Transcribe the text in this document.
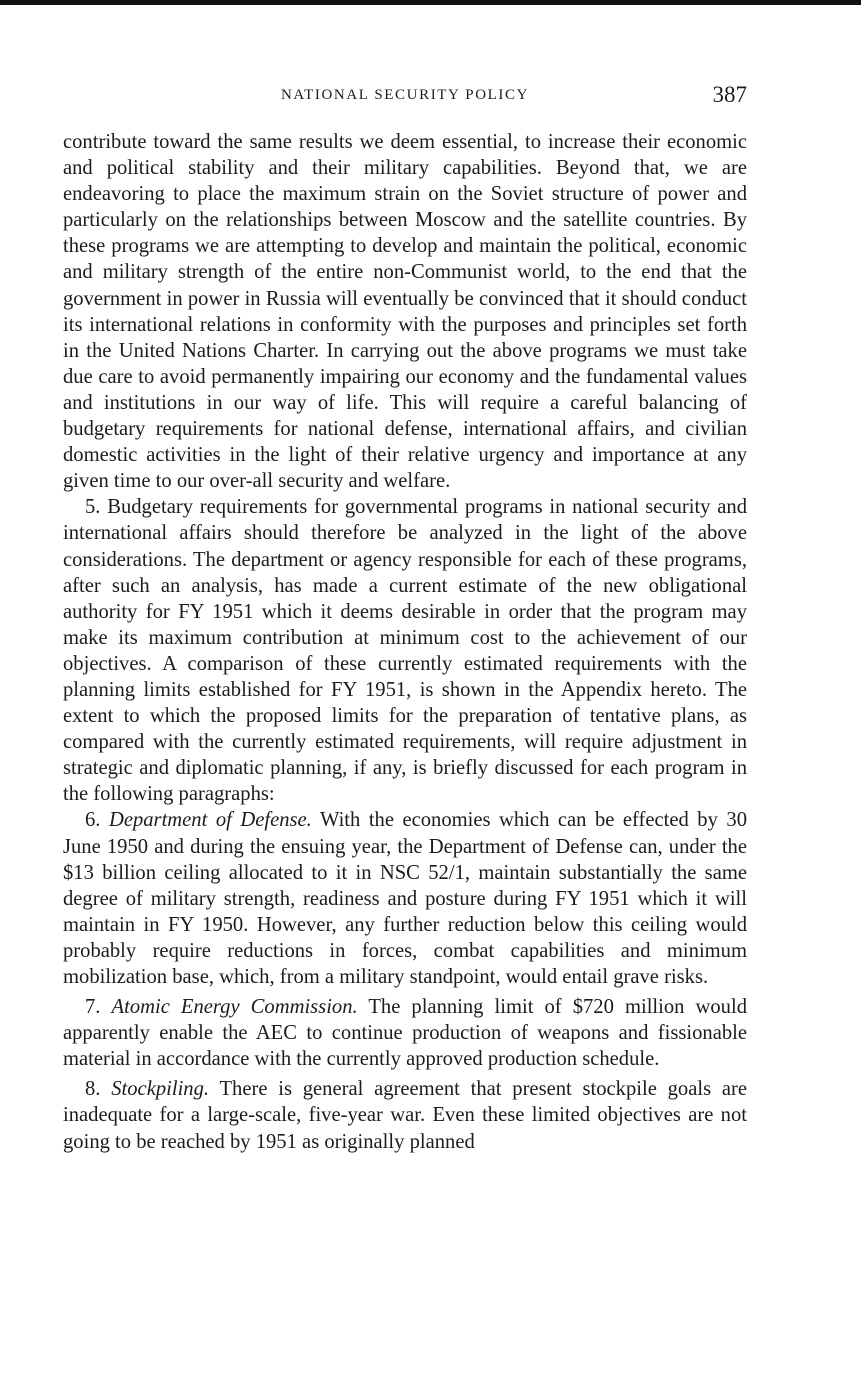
NATIONAL SECURITY POLICY	387

contribute toward the same results we deem essential, to increase their economic and political stability and their military capabilities. Beyond that, we are endeavoring to place the maximum strain on the Soviet structure of power and particularly on the relationships between Moscow and the satellite countries. By these programs we are attempting to develop and maintain the political, economic and military strength of the entire non-Communist world, to the end that the government in power in Russia will eventually be convinced that it should conduct its international relations in conformity with the purposes and principles set forth in the United Nations Charter. In carrying out the above programs we must take due care to avoid permanently impairing our economy and the fundamental values and institutions in our way of life. This will require a careful balancing of budgetary requirements for national defense, international affairs, and civilian domestic activities in the light of their relative urgency and importance at any given time to our over-all security and welfare.

5. Budgetary requirements for governmental programs in national security and international affairs should therefore be analyzed in the light of the above considerations. The department or agency responsible for each of these programs, after such an analysis, has made a current estimate of the new obligational authority for FY 1951 which it deems desirable in order that the program may make its maximum contribution at minimum cost to the achievement of our objectives. A comparison of these currently estimated requirements with the planning limits established for FY 1951, is shown in the Appendix hereto. The extent to which the proposed limits for the preparation of tentative plans, as compared with the currently estimated requirements, will require adjustment in strategic and diplomatic planning, if any, is briefly discussed for each program in the following paragraphs:

6. Department of Defense. With the economies which can be effected by 30 June 1950 and during the ensuing year, the Department of Defense can, under the $13 billion ceiling allocated to it in NSC 52/1, maintain substantially the same degree of military strength, readiness and posture during FY 1951 which it will maintain in FY 1950. However, any further reduction below this ceiling would probably require reductions in forces, combat capabilities and minimum mobilization base, which, from a military standpoint, would entail grave risks.

7. Atomic Energy Commission. The planning limit of $720 million would apparently enable the AEC to continue production of weapons and fissionable material in accordance with the currently approved production schedule.

8. Stockpiling. There is general agreement that present stockpile goals are inadequate for a large-scale, five-year war. Even these limited objectives are not going to be reached by 1951 as originally planned
